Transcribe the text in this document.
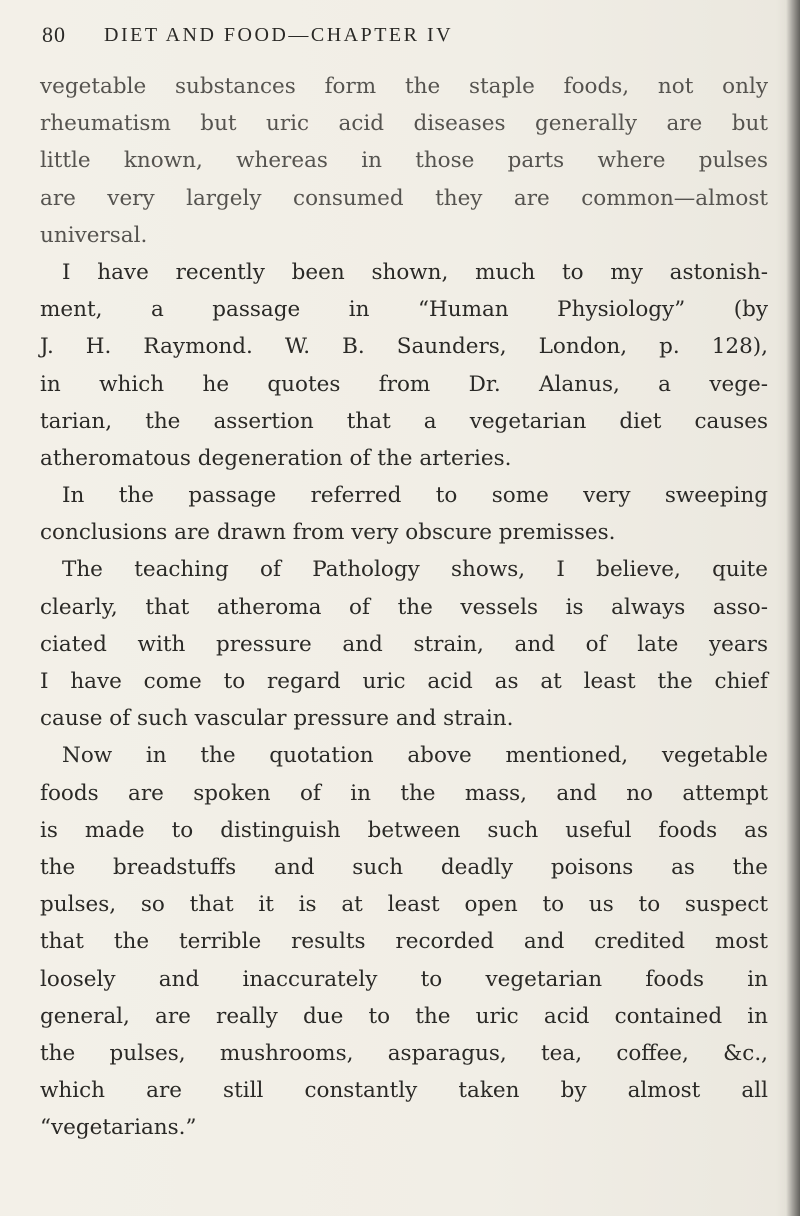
80 DIET AND FOOD—CHAPTER IV
vegetable substances form the staple foods, not only
rheumatism but uric acid diseases generally are but
little known, whereas in those parts where pulses
are very largely consumed they are common—almost
universal.
I have recently been shown, much to my astonish-
ment, a passage in “Human Physiology” (by
J. H. Raymond. W. B. Saunders, London, p. 128),
in which he quotes from Dr. Alanus, a vege-
tarian, the assertion that a vegetarian diet causes
atheromatous degeneration of the arteries.
In the passage referred to some very sweeping
conclusions are drawn from very obscure premisses.
The teaching of Pathology shows, I believe, quite
clearly, that atheroma of the vessels is always asso-
ciated with pressure and strain, and of late years
I have come to regard uric acid as at least the chief
cause of such vascular pressure and strain.
Now in the quotation above mentioned, vegetable
foods are spoken of in the mass, and no attempt
is made to distinguish between such useful foods as
the breadstuffs and such deadly poisons as the
pulses, so that it is at least open to us to suspect
that the terrible results recorded and credited most
loosely and inaccurately to vegetarian foods in
general, are really due to the uric acid contained in
the pulses, mushrooms, asparagus, tea, coffee, &c.,
which are still constantly taken by almost all
“vegetarians.”
